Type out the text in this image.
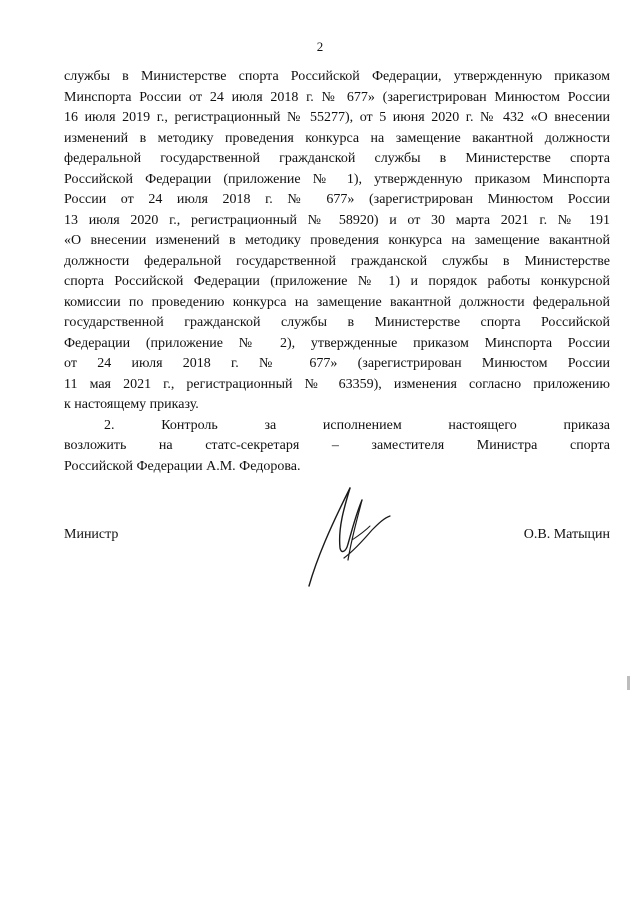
2
службы в Министерстве спорта Российской Федерации, утвержденную приказом
Минспорта России от 24 июля 2018 г. № 677» (зарегистрирован Минюстом России
16 июля 2019 г., регистрационный № 55277), от 5 июня 2020 г. № 432 «О внесении
изменений в методику проведения конкурса на замещение вакантной должности
федеральной государственной гражданской службы в Министерстве спорта
Российской Федерации (приложение № 1), утвержденную приказом Минспорта
России от 24 июля 2018 г. № 677» (зарегистрирован Минюстом России
13 июля 2020 г., регистрационный № 58920) и от 30 марта 2021 г. № 191
«О внесении изменений в методику проведения конкурса на замещение вакантной
должности федеральной государственной гражданской службы в Министерстве
спорта Российской Федерации (приложение № 1) и порядок работы конкурсной
комиссии по проведению конкурса на замещение вакантной должности федеральной
государственной гражданской службы в Министерстве спорта Российской
Федерации (приложение № 2), утвержденные приказом Минспорта России
от 24 июля 2018 г. № 677» (зарегистрирован Минюстом России
11 мая 2021 г., регистрационный № 63359), изменения согласно приложению
к настоящему приказу.
2. Контроль за исполнением настоящего приказа
возложить на статс-секретаря – заместителя Министра спорта
Российской Федерации А.М. Федорова.
Министр	О.В. Матыцин
